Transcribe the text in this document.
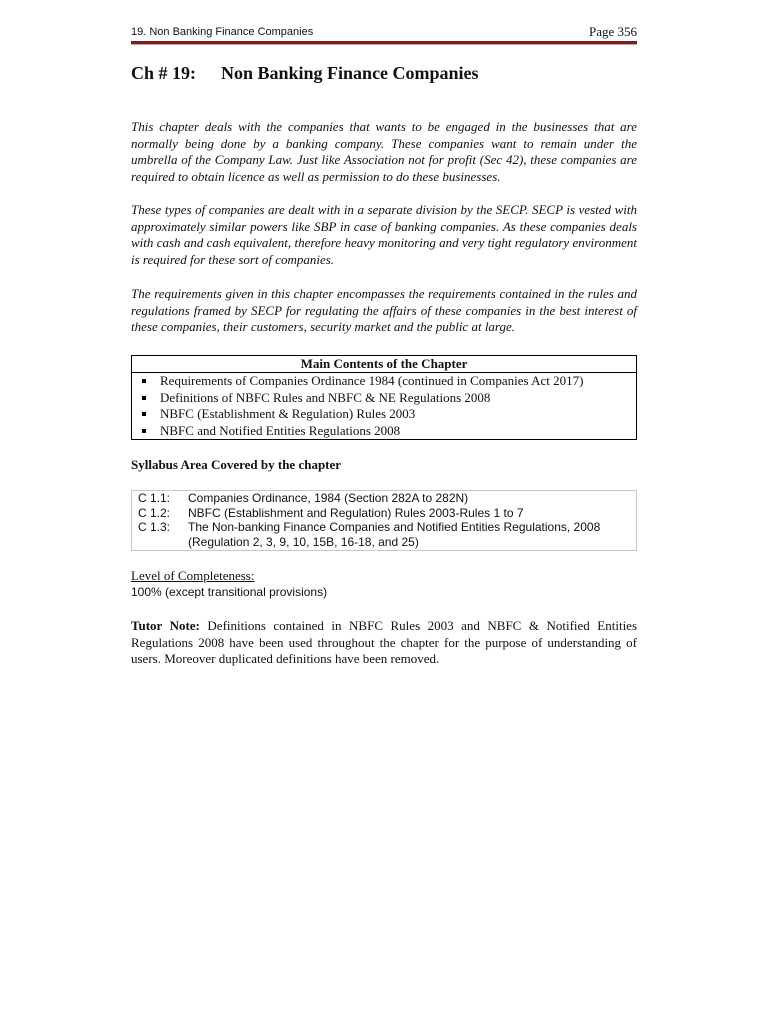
19. Non Banking Finance Companies	Page 356
Ch # 19: Non Banking Finance Companies

This chapter deals with the companies that wants to be engaged in the businesses that are normally being done by a banking company. These companies want to remain under the umbrella of the Company Law. Just like Association not for profit (Sec 42), these companies are required to obtain licence as well as permission to do these businesses.

These types of companies are dealt with in a separate division by the SECP. SECP is vested with approximately similar powers like SBP in case of banking companies. As these companies deals with cash and cash equivalent, therefore heavy monitoring and very tight regulatory environment is required for these sort of companies.

The requirements given in this chapter encompasses the requirements contained in the rules and regulations framed by SECP for regulating the affairs of these companies in the best interest of these companies, their customers, security market and the public at large.

Main Contents of the Chapter
Requirements of Companies Ordinance 1984 (continued in Companies Act 2017)
Definitions of NBFC Rules and NBFC & NE Regulations 2008
NBFC (Establishment & Regulation) Rules 2003
NBFC and Notified Entities Regulations 2008
Syllabus Area Covered by the chapter
C 1.1: Companies Ordinance, 1984 (Section 282A to 282N)
C 1.2: NBFC (Establishment and Regulation) Rules 2003-Rules 1 to 7
C 1.3: The Non-banking Finance Companies and Notified Entities Regulations, 2008
(Regulation 2, 3, 9, 10, 15B, 16-18, and 25)
Level of Completeness:
100% (except transitional provisions)

Tutor Note: Definitions contained in NBFC Rules 2003 and NBFC & Notified Entities Regulations 2008 have been used throughout the chapter for the purpose of understanding of users. Moreover duplicated definitions have been removed.
